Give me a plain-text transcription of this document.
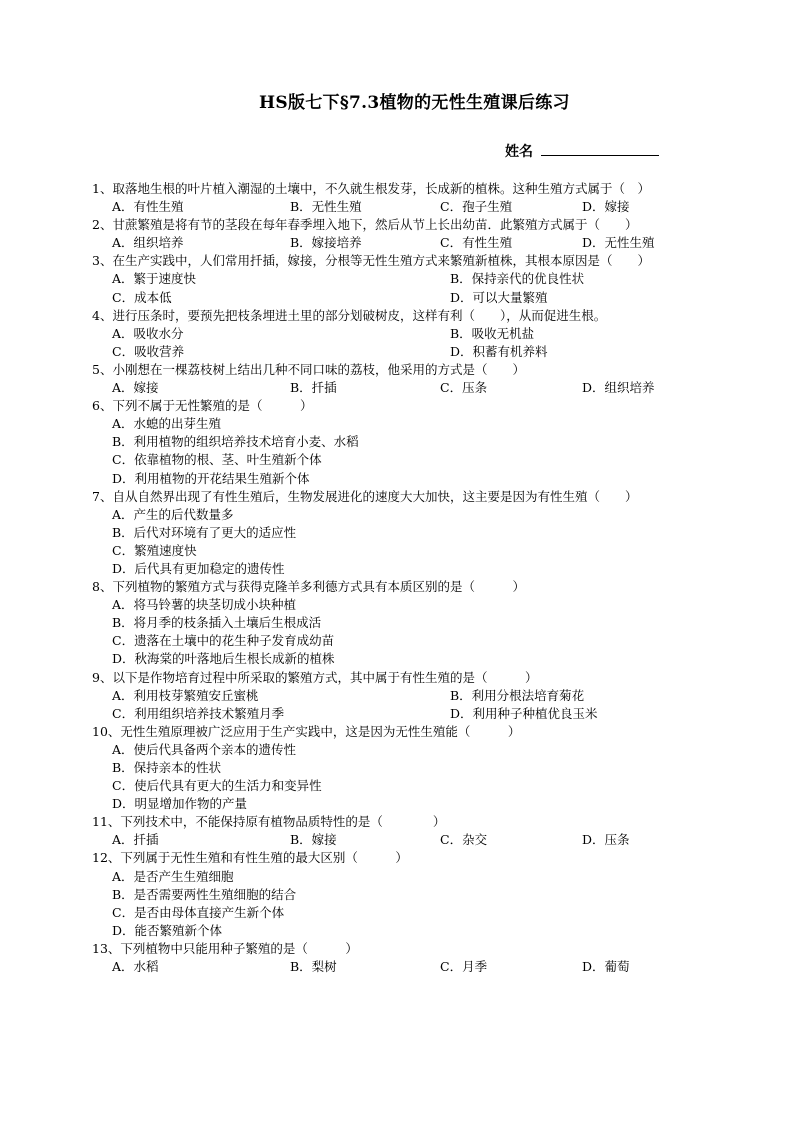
HS版七下§7.3植物的无性生殖课后练习
姓名
1、取落地生根的叶片植入潮湿的土壤中，不久就生根发芽，长成新的植株。这种生殖方式属于（　）
A．有性生殖	B．无性生殖	C．孢子生殖	D．嫁接
2、甘蔗繁殖是将有节的茎段在每年春季埋入地下，然后从节上长出幼苗．此繁殖方式属于（　　）
A．组织培养	B．嫁接培养	C．有性生殖	D．无性生殖
3、在生产实践中，人们常用扦插，嫁接，分根等无性生殖方式来繁殖新植株，其根本原因是（　　）
A．繁于速度快	B．保持亲代的优良性状
C．成本低	D．可以大量繁殖
4、进行压条时，要预先把枝条埋进土里的部分划破树皮，这样有利（　　），从而促进生根。
A．吸收水分	B．吸收无机盐
C．吸收营养	D．积蓄有机养料
5、小刚想在一棵荔枝树上结出几种不同口味的荔枝，他采用的方式是（　　）
A．嫁接	B．扦插	C．压条	D．组织培养
6、下列不属于无性繁殖的是（　　　）
A．水螅的出芽生殖
B．利用植物的组织培养技术培育小麦、水稻
C．依靠植物的根、茎、叶生殖新个体
D．利用植物的开花结果生殖新个体
7、自从自然界出现了有性生殖后，生物发展进化的速度大大加快，这主要是因为有性生殖（　　）
A．产生的后代数量多
B．后代对环境有了更大的适应性
C．繁殖速度快
D．后代具有更加稳定的遗传性
8、下列植物的繁殖方式与获得克隆羊多利德方式具有本质区别的是（　　　）
A．将马铃薯的块茎切成小块种植
B．将月季的枝条插入土壤后生根成活
C．遗落在土壤中的花生种子发育成幼苗
D．秋海棠的叶落地后生根长成新的植株
9、以下是作物培育过程中所采取的繁殖方式，其中属于有性生殖的是（　　　）
A．利用枝芽繁殖安丘蜜桃	B．利用分根法培育菊花
C．利用组织培养技术繁殖月季	D．利用种子种植优良玉米
10、无性生殖原理被广泛应用于生产实践中，这是因为无性生殖能（　　　）
A．使后代具备两个亲本的遗传性
B．保持亲本的性状
C．使后代具有更大的生活力和变异性
D．明显增加作物的产量
11、下列技术中，不能保持原有植物品质特性的是（　　　　）
A．扦插	B．嫁接	C．杂交	D．压条
12、下列属于无性生殖和有性生殖的最大区别（　　　）
A．是否产生生殖细胞
B．是否需要两性生殖细胞的结合
C．是否由母体直接产生新个体
D．能否繁殖新个体
13、下列植物中只能用种子繁殖的是（　　　）
A．水稻	B．梨树	C．月季	D．葡萄
